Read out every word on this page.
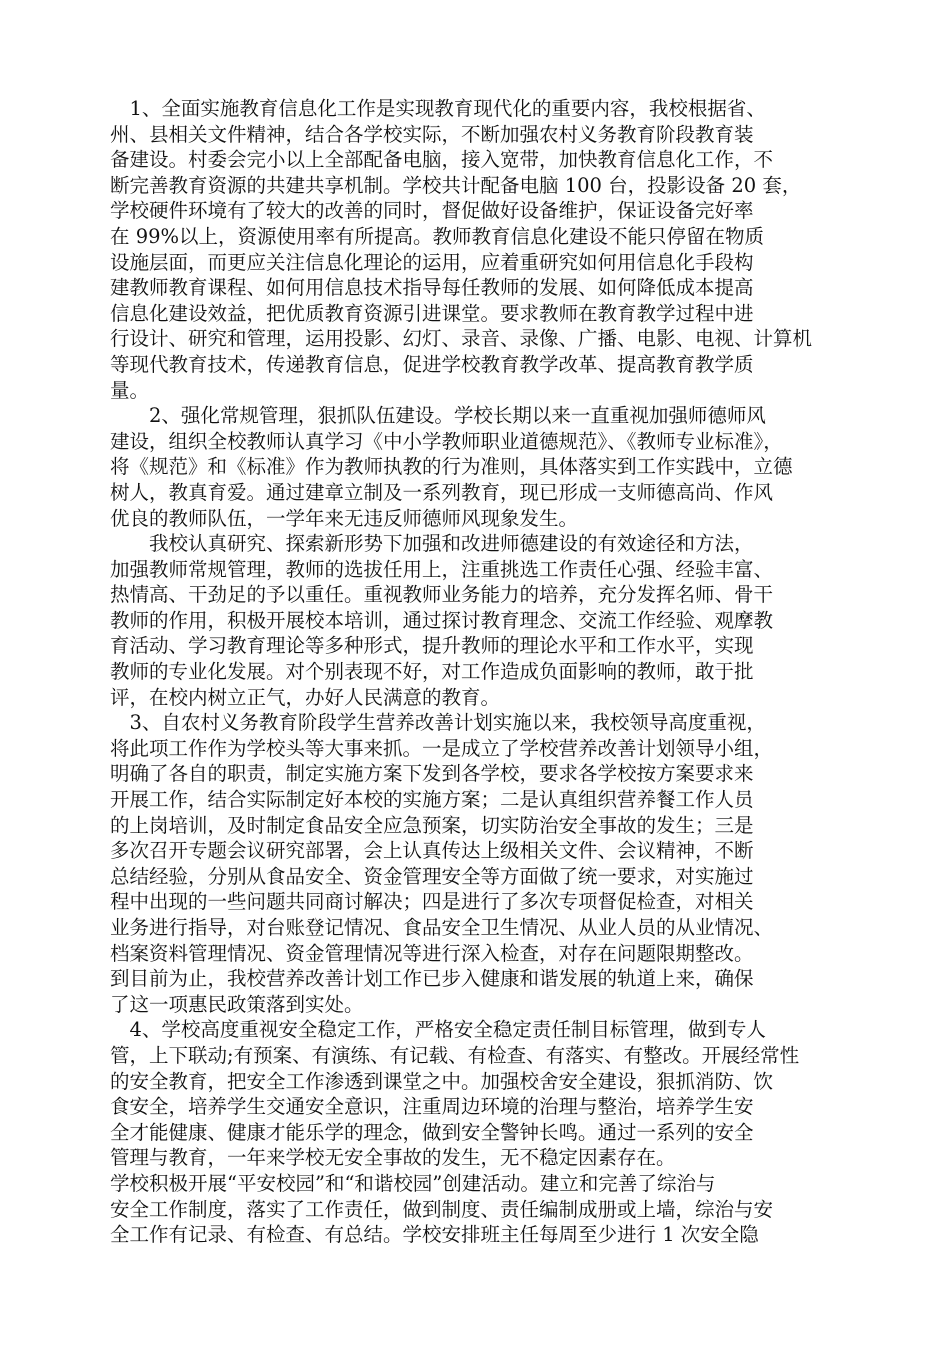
　1、全面实施教育信息化工作是实现教育现代化的重要内容，我校根据省、
州、县相关文件精神，结合各学校实际，不断加强农村义务教育阶段教育装
备建设。村委会完小以上全部配备电脑，接入宽带，加快教育信息化工作，不
断完善教育资源的共建共享机制。学校共计配备电脑 100 台，投影设备 20 套，
学校硬件环境有了较大的改善的同时，督促做好设备维护，保证设备完好率
在 99%以上，资源使用率有所提高。教师教育信息化建设不能只停留在物质
设施层面，而更应关注信息化理论的运用，应着重研究如何用信息化手段构
建教师教育课程、如何用信息技术指导每任教师的发展、如何降低成本提高
信息化建设效益，把优质教育资源引进课堂。要求教师在教育教学过程中进
行设计、研究和管理，运用投影、幻灯、录音、录像、广播、电影、电视、计算机
等现代教育技术，传递教育信息，促进学校教育教学改革、提高教育教学质
量。
　　2、强化常规管理，狠抓队伍建设。学校长期以来一直重视加强师德师风
建设，组织全校教师认真学习《中小学教师职业道德规范》、《教师专业标准》，
将《规范》和《标准》作为教师执教的行为准则，具体落实到工作实践中，立德
树人，教真育爱。通过建章立制及一系列教育，现已形成一支师德高尚、作风
优良的教师队伍，一学年来无违反师德师风现象发生。
　　我校认真研究、探索新形势下加强和改进师德建设的有效途径和方法，
加强教师常规管理，教师的选拔任用上，注重挑选工作责任心强、经验丰富、
热情高、干劲足的予以重任。重视教师业务能力的培养，充分发挥名师、骨干
教师的作用，积极开展校本培训，通过探讨教育理念、交流工作经验、观摩教
育活动、学习教育理论等多种形式，提升教师的理论水平和工作水平，实现
教师的专业化发展。对个别表现不好，对工作造成负面影响的教师，敢于批
评，在校内树立正气，办好人民满意的教育。
　3、自农村义务教育阶段学生营养改善计划实施以来，我校领导高度重视，
将此项工作作为学校头等大事来抓。一是成立了学校营养改善计划领导小组，
明确了各自的职责，制定实施方案下发到各学校，要求各学校按方案要求来
开展工作，结合实际制定好本校的实施方案；二是认真组织营养餐工作人员
的上岗培训，及时制定食品安全应急预案，切实防治安全事故的发生；三是
多次召开专题会议研究部署，会上认真传达上级相关文件、会议精神，不断
总结经验，分别从食品安全、资金管理安全等方面做了统一要求，对实施过
程中出现的一些问题共同商讨解决；四是进行了多次专项督促检查，对相关
业务进行指导，对台账登记情况、食品安全卫生情况、从业人员的从业情况、
档案资料管理情况、资金管理情况等进行深入检查，对存在问题限期整改。
到目前为止，我校营养改善计划工作已步入健康和谐发展的轨道上来，确保
了这一项惠民政策落到实处。
　4、学校高度重视安全稳定工作，严格安全稳定责任制目标管理，做到专人
管，上下联动;有预案、有演练、有记载、有检查、有落实、有整改。开展经常性
的安全教育，把安全工作渗透到课堂之中。加强校舍安全建设，狠抓消防、饮
食安全，培养学生交通安全意识，注重周边环境的治理与整治，培养学生安
全才能健康、健康才能乐学的理念，做到安全警钟长鸣。通过一系列的安全
管理与教育，一年来学校无安全事故的发生，无不稳定因素存在。
学校积极开展“平安校园”和“和谐校园”创建活动。建立和完善了综治与
安全工作制度，落实了工作责任，做到制度、责任编制成册或上墙，综治与安
全工作有记录、有检查、有总结。学校安排班主任每周至少进行 1 次安全隐
